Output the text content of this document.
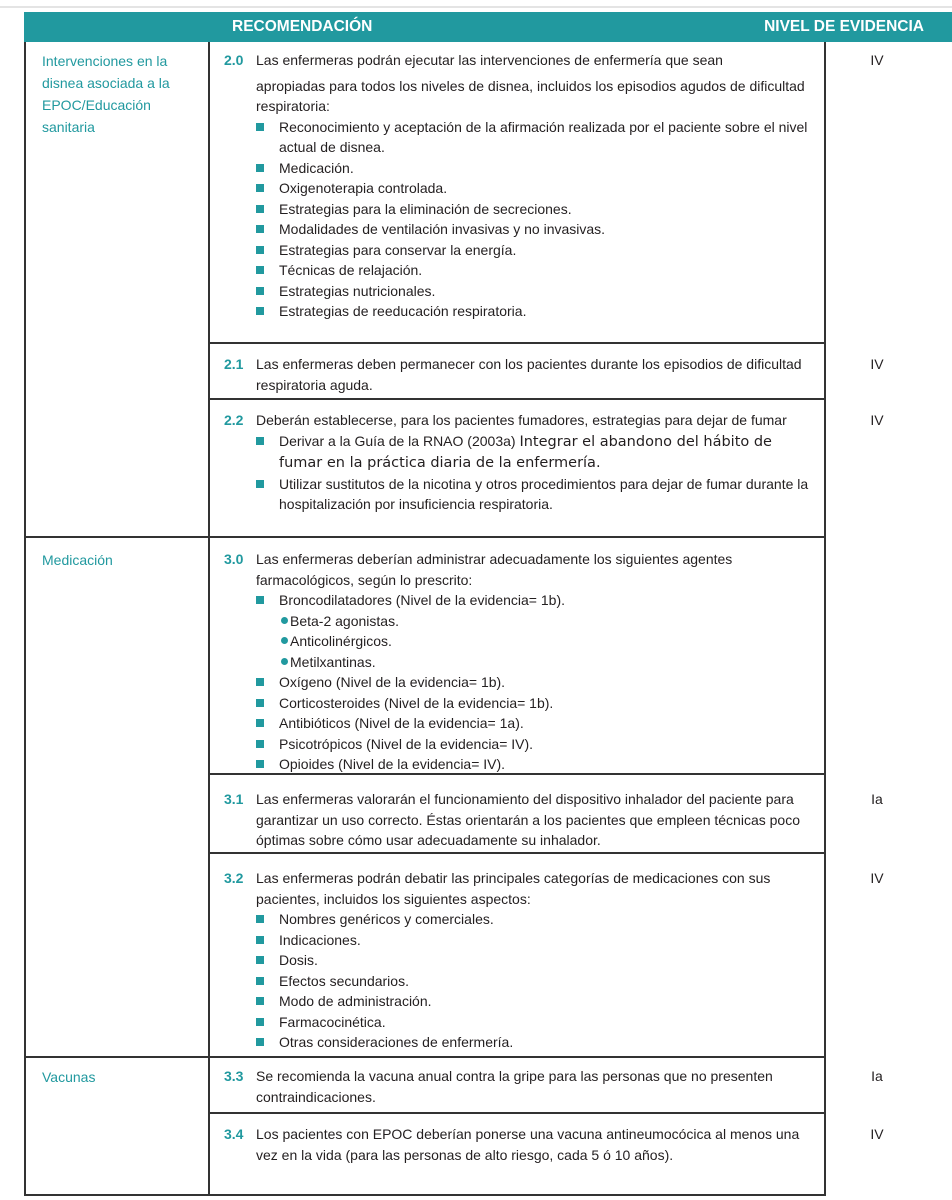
RECOMENDACIÓN	NIVEL DE EVIDENCIA
Intervenciones en la disnea asociada a la EPOC/Educación sanitaria
Medicación
Vacunas
2.0 Las enfermeras podrán ejecutar las intervenciones de enfermería que sean
apropiadas para todos los niveles de disnea, incluidos los episodios agudos de dificultad respiratoria:
Reconocimiento y aceptación de la afirmación realizada por el paciente sobre el nivel actual de disnea.
Medicación.
Oxigenoterapia controlada.
Estrategias para la eliminación de secreciones.
Modalidades de ventilación invasivas y no invasivas.
Estrategias para conservar la energía.
Técnicas de relajación.
Estrategias nutricionales.
Estrategias de reeducación respiratoria.
IV
2.1 Las enfermeras deben permanecer con los pacientes durante los episodios de dificultad respiratoria aguda.
IV
2.2 Deberán establecerse, para los pacientes fumadores, estrategias para dejar de fumar
Derivar a la Guía de la RNAO (2003a) Integrar el abandono del hábito de fumar en la práctica diaria de la enfermería.
Utilizar sustitutos de la nicotina y otros procedimientos para dejar de fumar durante la hospitalización por insuficiencia respiratoria.
IV
3.0 Las enfermeras deberían administrar adecuadamente los siguientes agentes farmacológicos, según lo prescrito:
Broncodilatadores (Nivel de la evidencia= 1b).
Beta-2 agonistas.
Anticolinérgicos.
Metilxantinas.
Oxígeno (Nivel de la evidencia= 1b).
Corticosteroides (Nivel de la evidencia= 1b).
Antibióticos (Nivel de la evidencia= 1a).
Psicotrópicos (Nivel de la evidencia= IV).
Opioides (Nivel de la evidencia= IV).
3.1 Las enfermeras valorarán el funcionamiento del dispositivo inhalador del paciente para garantizar un uso correcto. Éstas orientarán a los pacientes que empleen técnicas poco óptimas sobre cómo usar adecuadamente su inhalador.
Ia
3.2 Las enfermeras podrán debatir las principales categorías de medicaciones con sus pacientes, incluidos los siguientes aspectos:
Nombres genéricos y comerciales.
Indicaciones.
Dosis.
Efectos secundarios.
Modo de administración.
Farmacocinética.
Otras consideraciones de enfermería.
IV
3.3 Se recomienda la vacuna anual contra la gripe para las personas que no presenten contraindicaciones.
Ia
3.4 Los pacientes con EPOC deberían ponerse una vacuna antineumocócica al menos una vez en la vida (para las personas de alto riesgo, cada 5 ó 10 años).
IV
